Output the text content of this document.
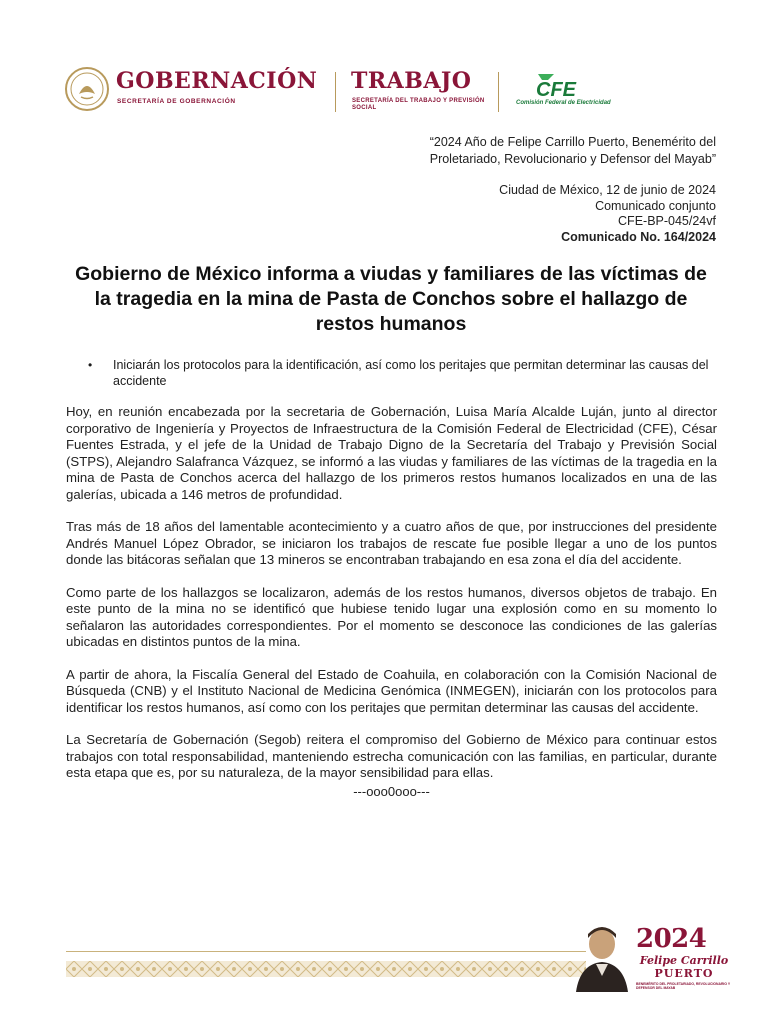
GOBERNACIÓN
SECRETARÍA DE GOBERNACIÓN
TRABAJO
SECRETARÍA DEL TRABAJO Y PREVISIÓN SOCIAL
CFE
Comisión Federal de Electricidad
“2024 Año de Felipe Carrillo Puerto, Benemérito del
Proletariado, Revolucionario y Defensor del Mayab”
Ciudad de México, 12 de junio de 2024
Comunicado conjunto
CFE-BP-045/24vf
Comunicado No. 164/2024
Gobierno de México informa a viudas y familiares de las víctimas de la tragedia en la mina de Pasta de Conchos sobre el hallazgo de restos humanos
• Iniciarán los protocolos para la identificación, así como los peritajes que permitan determinar las causas del accidente

Hoy, en reunión encabezada por la secretaria de Gobernación, Luisa María Alcalde Luján, junto al director corporativo de Ingeniería y Proyectos de Infraestructura de la Comisión Federal de Electricidad (CFE), César Fuentes Estrada, y el jefe de la Unidad de Trabajo Digno de la Secretaría del Trabajo y Previsión Social (STPS), Alejandro Salafranca Vázquez, se informó a las viudas y familiares de las víctimas de la tragedia en la mina de Pasta de Conchos acerca del hallazgo de los primeros restos humanos localizados en una de las galerías, ubicada a 146 metros de profundidad.

Tras más de 18 años del lamentable acontecimiento y a cuatro años de que, por instrucciones del presidente Andrés Manuel López Obrador, se iniciaron los trabajos de rescate fue posible llegar a uno de los puntos donde las bitácoras señalan que 13 mineros se encontraban trabajando en esa zona el día del accidente.

Como parte de los hallazgos se localizaron, además de los restos humanos, diversos objetos de trabajo. En este punto de la mina no se identificó que hubiese tenido lugar una explosión como en su momento lo señalaron las autoridades correspondientes. Por el momento se desconoce las condiciones de las galerías ubicadas en distintos puntos de la mina.

A partir de ahora, la Fiscalía General del Estado de Coahuila, en colaboración con la Comisión Nacional de Búsqueda (CNB) y el Instituto Nacional de Medicina Genómica (INMEGEN), iniciarán con los protocolos para identificar los restos humanos, así como con los peritajes que permitan determinar las causas del accidente.

La Secretaría de Gobernación (Segob) reitera el compromiso del Gobierno de México para continuar estos trabajos con total responsabilidad, manteniendo estrecha comunicación con las familias, en particular, durante esta etapa que es, por su naturaleza, de la mayor sensibilidad para ellas.

---ooo0ooo---

2024
Felipe Carrillo
PUERTO
BENEMÉRITO DEL PROLETARIADO, REVOLUCIONARIO Y DEFENSOR DEL MAYAB
